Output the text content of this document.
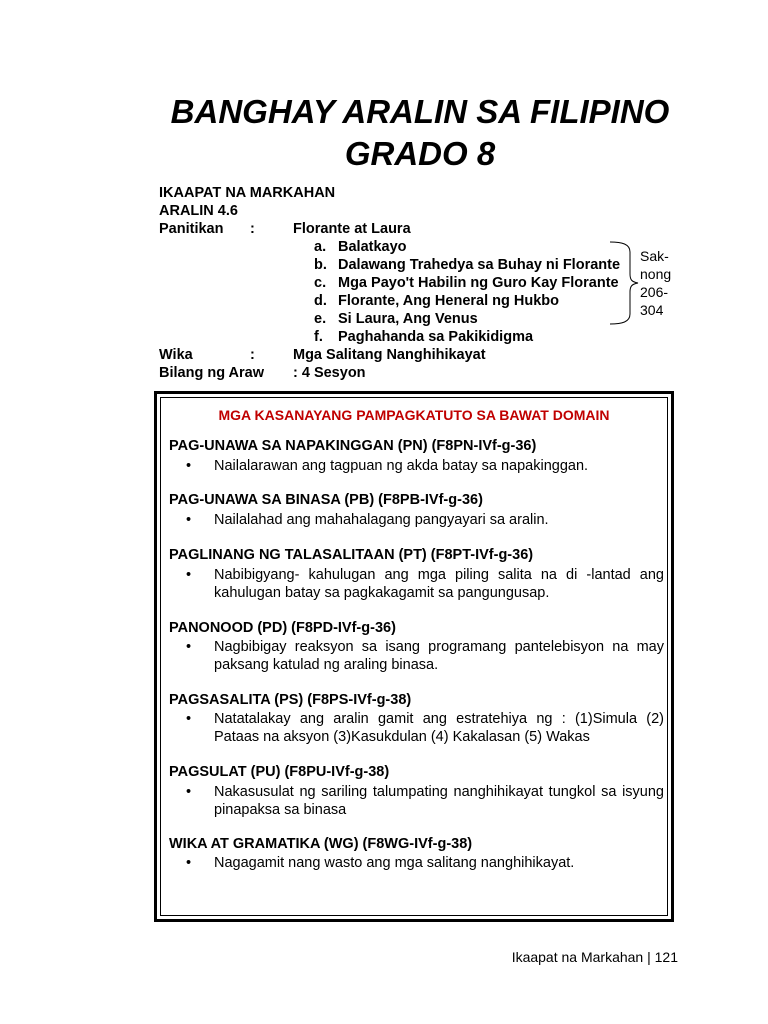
BANGHAY ARALIN SA FILIPINO
GRADO 8
IKAAPAT NA MARKAHAN
ARALIN 4.6
Panitikan :	Florante at Laura
a. Balatkayo
b. Dalawang Trahedya sa Buhay ni Florante
c. Mga Payo't Habilin ng Guro Kay Florante
d. Florante, Ang Heneral ng Hukbo
e. Si Laura, Ang Venus
f. Paghahanda sa Pakikidigma
Sak-
nong
206-
304
Wika	:	Mga Salitang Nanghihikayat
Bilang ng Araw : 4 Sesyon
MGA KASANAYANG PAMPAGKATUTO SA BAWAT DOMAIN
PAG-UNAWA SA NAPAKINGGAN (PN) (F8PN-IVf-g-36)
•	Nailalarawan ang tagpuan ng akda batay sa napakinggan.
PAG-UNAWA SA BINASA (PB) (F8PB-IVf-g-36)
•	Nailalahad ang mahahalagang pangyayari sa aralin.
PAGLINANG NG TALASALITAAN (PT) (F8PT-IVf-g-36)
•	Nabibigyang- kahulugan ang mga piling salita na di -lantad ang kahulugan batay sa pagkakagamit sa pangungusap.
PANONOOD (PD) (F8PD-IVf-g-36)
•	Nagbibigay reaksyon sa isang programang pantelebisyon na may paksang katulad ng araling binasa.
PAGSASALITA (PS) (F8PS-IVf-g-38)
•	Natatalakay ang aralin gamit ang estratehiya ng : (1)Simula (2) Pataas na aksyon (3)Kasukdulan (4) Kakalasan (5) Wakas
PAGSULAT (PU) (F8PU-IVf-g-38)
•	Nakasusulat ng sariling talumpating nanghihikayat tungkol sa isyung pinapaksa sa binasa
WIKA AT GRAMATIKA (WG) (F8WG-IVf-g-38)
•	Nagagamit nang wasto ang mga salitang nanghihikayat.
Ikaapat na Markahan | 121
